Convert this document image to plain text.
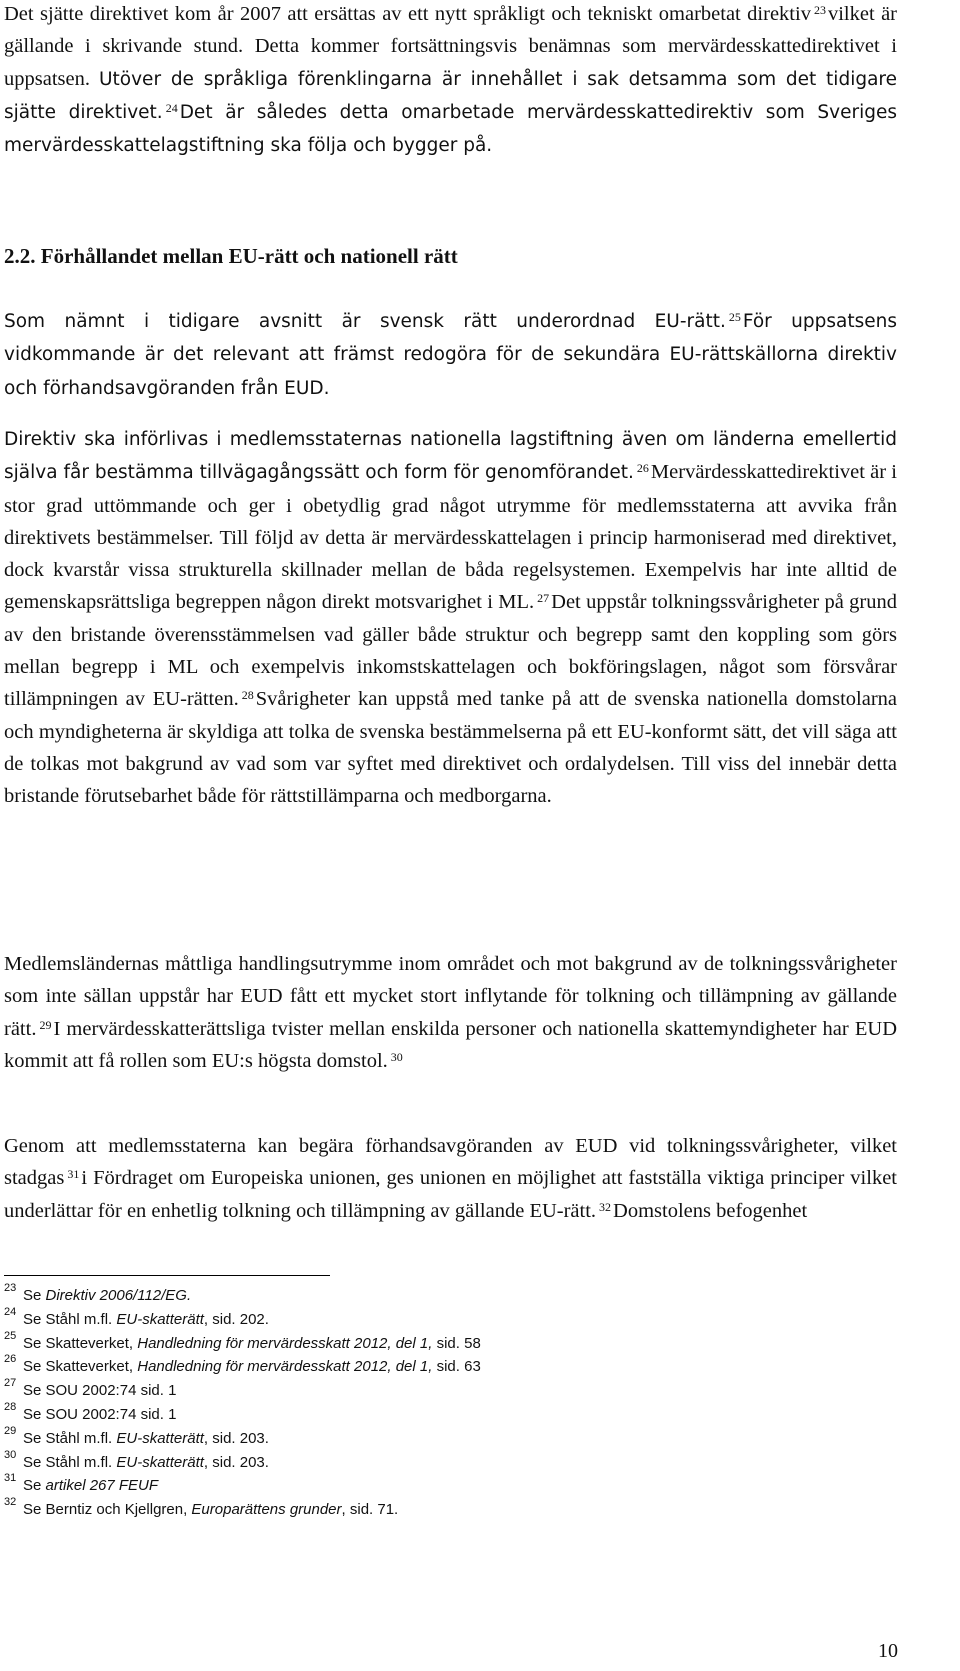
Det sjätte direktivet kom år 2007 att ersättas av ett nytt språkligt och tekniskt omarbetat direktiv $^{23}$vilket är gällande i skrivande stund. Detta kommer fortsättningsvis benämnas som mervärdesskattedirektivet i uppsatsen. Utöver de språkliga förenklingarna är innehållet i sak detsamma som det tidigare sjätte direktivet. $^{24}$ Det är således detta omarbetade mervärdesskattedirektiv som Sveriges mervärdesskattelagstiftning ska följa och bygger på.

2.2. Förhållandet mellan EU-rätt och nationell rätt

Som nämnt i tidigare avsnitt är svensk rätt underordnad EU-rätt. $^{25}$ För uppsatsens vidkommande är det relevant att främst redogöra för de sekundära EU-rättskällorna direktiv och förhandsavgöranden från EUD.

Direktiv ska införlivas i medlemsstaternas nationella lagstiftning även om länderna emellertid själva får bestämma tillvägagångssätt och form för genomförandet. $^{26}$Mervärdesskattedirektivet är i stor grad uttömmande och ger i obetydlig grad något utrymme för medlemsstaterna att avvika från direktivets bestämmelser. Till följd av detta är mervärdesskattelagen i princip harmoniserad med direktivet, dock kvarstår vissa strukturella skillnader mellan de båda regelsystemen. Exempelvis har inte alltid de gemenskapsrättsliga begreppen någon direkt motsvarighet i ML. $^{27}$Det uppstår tolkningssvårigheter på grund av den bristande överensstämmelsen vad gäller både struktur och begrepp samt den koppling som görs mellan begrepp i ML och exempelvis inkomstskattelagen och bokföringslagen, något som försvårar tillämpningen av EU-rätten. $^{28}$Svårigheter kan uppstå med tanke på att de svenska nationella domstolarna och myndigheterna är skyldiga att tolka de svenska bestämmelserna på ett EU-konformt sätt, det vill säga att de tolkas mot bakgrund av vad som var syftet med direktivet och ordalydelsen. Till viss del innebär detta bristande förutsebarhet både för rättstillämparna och medborgarna.

Medlemsländernas måttliga handlingsutrymme inom området och mot bakgrund av de tolkningssvårigheter som inte sällan uppstår har EUD fått ett mycket stort inflytande för tolkning och tillämpning av gällande rätt. $^{29}$I mervärdesskatterättsliga tvister mellan enskilda personer och nationella skattemyndigheter har EUD kommit att få rollen som EU:s högsta domstol. $^{30}$

Genom att medlemsstaterna kan begära förhandsavgöranden av EUD vid tolkningssvårigheter, vilket stadgas $^{31}$i Fördraget om Europeiska unionen, ges unionen en möjlighet att fastställa viktiga principer vilket underlättar för en enhetlig tolkning och tillämpning av gällande EU-rätt. $^{32}$Domstolens befogenhet

23 Se Direktiv 2006/112/EG.
24 Se Ståhl m.fl. EU-skatterätt, sid. 202.
25 Se Skatteverket, Handledning för mervärdesskatt 2012, del 1, sid. 58
26 Se Skatteverket, Handledning för mervärdesskatt 2012, del 1, sid. 63
27 Se SOU 2002:74 sid. 1
28 Se SOU 2002:74 sid. 1
29 Se Ståhl m.fl. EU-skatterätt, sid. 203.
30 Se Ståhl m.fl. EU-skatterätt, sid. 203.
31 Se artikel 267 FEUF
32 Se Berntiz och Kjellgren, Europarättens grunder, sid. 71.
10
